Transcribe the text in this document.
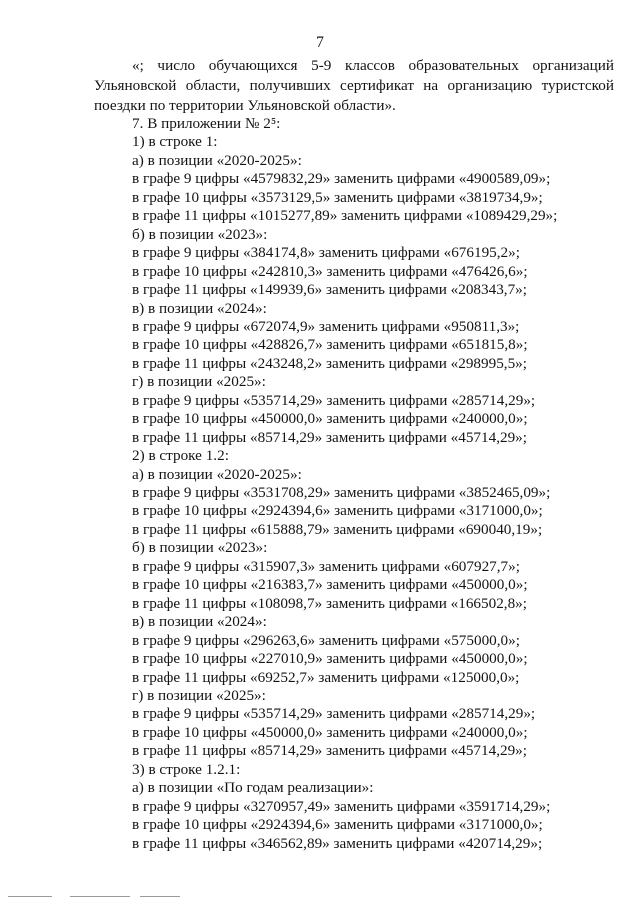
7
«; число обучающихся 5-9 классов образовательных организаций Ульяновской области, получивших сертификат на организацию туристской поездки по территории Ульяновской области».
7. В приложении № 2⁵:
1) в строке 1:
а) в позиции «2020-2025»:
в графе 9 цифры «4579832,29» заменить цифрами «4900589,09»;
в графе 10 цифры «3573129,5» заменить цифрами «3819734,9»;
в графе 11 цифры «1015277,89» заменить цифрами «1089429,29»;
б) в позиции «2023»:
в графе 9 цифры «384174,8» заменить цифрами «676195,2»;
в графе 10 цифры «242810,3» заменить цифрами «476426,6»;
в графе 11 цифры «149939,6» заменить цифрами «208343,7»;
в) в позиции «2024»:
в графе 9 цифры «672074,9» заменить цифрами «950811,3»;
в графе 10 цифры «428826,7» заменить цифрами «651815,8»;
в графе 11 цифры «243248,2» заменить цифрами «298995,5»;
г) в позиции «2025»:
в графе 9 цифры «535714,29» заменить цифрами «285714,29»;
в графе 10 цифры «450000,0» заменить цифрами «240000,0»;
в графе 11 цифры «85714,29» заменить цифрами «45714,29»;
2) в строке 1.2:
а) в позиции «2020-2025»:
в графе 9 цифры «3531708,29» заменить цифрами «3852465,09»;
в графе 10 цифры «2924394,6» заменить цифрами «3171000,0»;
в графе 11 цифры «615888,79» заменить цифрами «690040,19»;
б) в позиции «2023»:
в графе 9 цифры «315907,3» заменить цифрами «607927,7»;
в графе 10 цифры «216383,7» заменить цифрами «450000,0»;
в графе 11 цифры «108098,7» заменить цифрами «166502,8»;
в) в позиции «2024»:
в графе 9 цифры «296263,6» заменить цифрами «575000,0»;
в графе 10 цифры «227010,9» заменить цифрами «450000,0»;
в графе 11 цифры «69252,7» заменить цифрами «125000,0»;
г) в позиции «2025»:
в графе 9 цифры «535714,29» заменить цифрами «285714,29»;
в графе 10 цифры «450000,0» заменить цифрами «240000,0»;
в графе 11 цифры «85714,29» заменить цифрами «45714,29»;
3) в строке 1.2.1:
а) в позиции «По годам реализации»:
в графе 9 цифры «3270957,49» заменить цифрами «3591714,29»;
в графе 10 цифры «2924394,6» заменить цифрами «3171000,0»;
в графе 11 цифры «346562,89» заменить цифрами «420714,29»;
